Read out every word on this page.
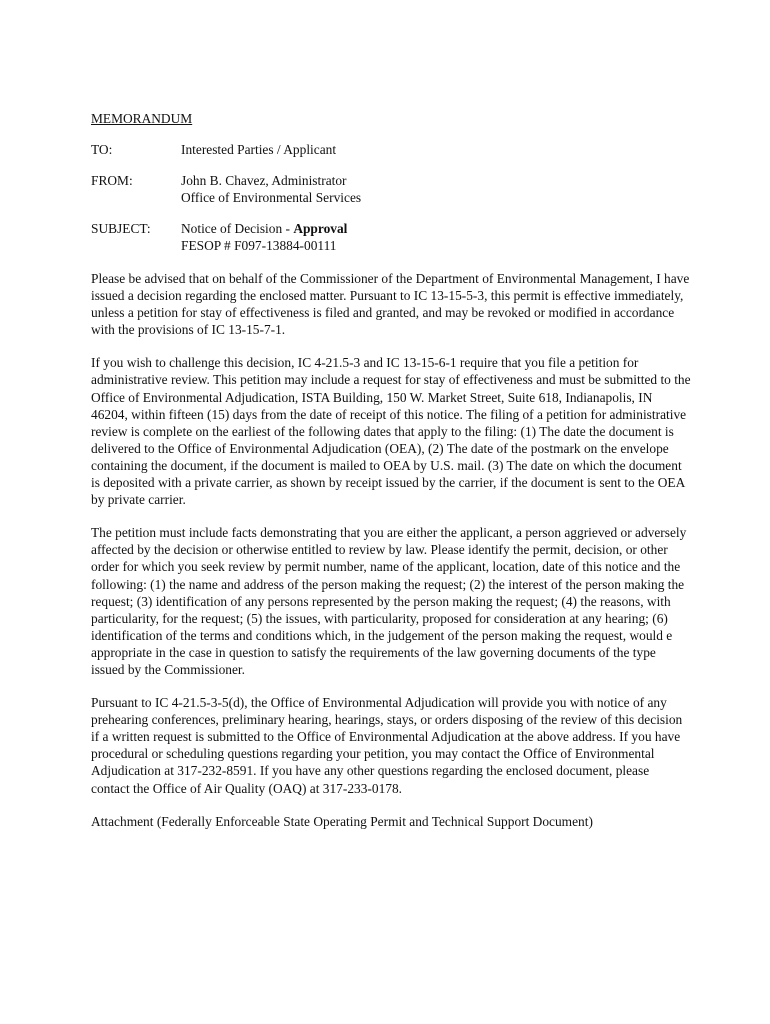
MEMORANDUM
TO:	Interested Parties / Applicant
FROM:	John B. Chavez, Administrator
Office of Environmental Services
SUBJECT:	Notice of Decision - Approval
FESOP # F097-13884-00111

Please be advised that on behalf of the Commissioner of the Department of Environmental Management, I have issued a decision regarding the enclosed matter. Pursuant to IC 13-15-5-3, this permit is effective immediately, unless a petition for stay of effectiveness is filed and granted, and may be revoked or modified in accordance with the provisions of IC 13-15-7-1.

If you wish to challenge this decision, IC 4-21.5-3 and IC 13-15-6-1 require that you file a petition for administrative review. This petition may include a request for stay of effectiveness and must be submitted to the Office of Environmental Adjudication, ISTA Building, 150 W. Market Street, Suite 618, Indianapolis, IN 46204, within fifteen (15) days from the date of receipt of this notice. The filing of a petition for administrative review is complete on the earliest of the following dates that apply to the filing: (1) The date the document is delivered to the Office of Environmental Adjudication (OEA), (2) The date of the postmark on the envelope containing the document, if the document is mailed to OEA by U.S. mail. (3) The date on which the document is deposited with a private carrier, as shown by receipt issued by the carrier, if the document is sent to the OEA by private carrier.

The petition must include facts demonstrating that you are either the applicant, a person aggrieved or adversely affected by the decision or otherwise entitled to review by law. Please identify the permit, decision, or other order for which you seek review by permit number, name of the applicant, location, date of this notice and the following: (1) the name and address of the person making the request; (2) the interest of the person making the request; (3) identification of any persons represented by the person making the request; (4) the reasons, with particularity, for the request; (5) the issues, with particularity, proposed for consideration at any hearing; (6) identification of the terms and conditions which, in the judgement of the person making the request, would e appropriate in the case in question to satisfy the requirements of the law governing documents of the type issued by the Commissioner.

Pursuant to IC 4-21.5-3-5(d), the Office of Environmental Adjudication will provide you with notice of any prehearing conferences, preliminary hearing, hearings, stays, or orders disposing of the review of this decision if a written request is submitted to the Office of Environmental Adjudication at the above address. If you have procedural or scheduling questions regarding your petition, you may contact the Office of Environmental Adjudication at 317-232-8591. If you have any other questions regarding the enclosed document, please contact the Office of Air Quality (OAQ) at 317-233-0178.

Attachment (Federally Enforceable State Operating Permit and Technical Support Document)
